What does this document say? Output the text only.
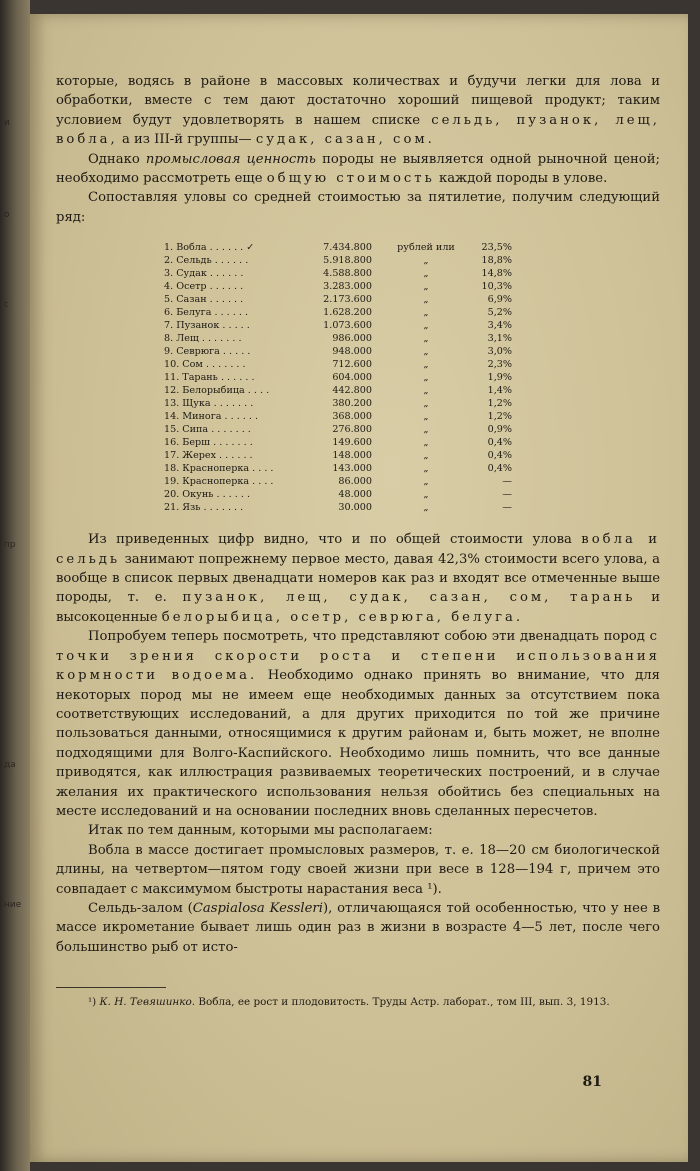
и
о
с
пр
да
ние

которые, водясь в районе в массовых количествах и будучи легки для лова и обработки, вместе с тем дают достаточно хороший пищевой продукт; таким условием будут удовлетворять в нашем списке сельдь, пузанок, лещ, вобла, а из III-й группы— судак, сазан, сом.

Однако промысловая ценность породы не выявляется одной рыночной ценой; необходимо рассмотреть еще общую стоимость каждой породы в улове.

Сопоставляя уловы со средней стоимостью за пятилетие, получим следующий ряд:

1. Вобла . . . . . . ✓	7.434.800	рублей или	23,5%
2. Сельдь . . . . . .	5.918.800	„	18,8%
3. Судак . . . . . .	4.588.800	„	14,8%
4. Осетр . . . . . .	3.283.000	„	10,3%
5. Сазан . . . . . .	2.173.600	„	6,9%
6. Белуга . . . . . .	1.628.200	„	5,2%
7. Пузанок . . . . .	1.073.600	„	3,4%
8. Лещ . . . . . . .	986.000	„	3,1%
9. Севрюга . . . . .	948.000	„	3,0%
10. Сом . . . . . . .	712.600	„	2,3%
11. Тарань . . . . . .	604.000	„	1,9%
12. Белорыбица . . . .	442.800	„	1,4%
13. Щука . . . . . . .	380.200	„	1,2%
14. Минога . . . . . .	368.000	„	1,2%
15. Сипа . . . . . . .	276.800	„	0,9%
16. Берш . . . . . . .	149.600	„	0,4%
17. Жерех . . . . . .	148.000	„	0,4%
18. Красноперка . . . .	143.000	„	0,4%
19. Красноперка . . . .	86.000	„	—
20. Окунь . . . . . .	48.000	„	—
21. Язь . . . . . . .	30.000	„	—

Из приведенных цифр видно, что и по общей стоимости улова вобла и сельдь занимают попрежнему первое место, давая 42,3% стоимости всего улова, а вообще в список первых двенадцати номеров как раз и входят все отмеченные выше породы, т. е. пузанок, лещ, судак, сазан, сом, тарань и высокоценные белорыбица, осетр, севрюга, белуга.

Попробуем теперь посмотреть, что представляют собою эти двенадцать пород с точки зрения скорости роста и степени использования кормности водоема. Необходимо однако принять во внимание, что для некоторых пород мы не имеем еще необходимых данных за отсутствием пока соответствующих исследований, а для других приходится по той же причине пользоваться данными, относящимися к другим районам и, быть может, не вполне подходящими для Волго-Каспийского. Необходимо лишь помнить, что все данные приводятся, как иллюстрация развиваемых теоретических построений, и в случае желания их практического использования нельзя обойтись без специальных на месте исследований и на основании последних вновь сделанных пересчетов.

Итак по тем данным, которыми мы располагаем:

Вобла в массе достигает промысловых размеров, т. е. 18—20 см биологической длины, на четвертом—пятом году своей жизни при весе в 128—194 г, причем это совпадает с максимумом быстроты нарастания веса ¹).

Сельдь-залом (Caspialosa Kessleri), отличающаяся той особенностью, что у нее в массе икрометание бывает лишь один раз в жизни в возрасте 4—5 лет, после чего большинство рыб от исто-

¹) К. Н. Тевяшинко. Вобла, ее рост и плодовитость. Труды Астр. лаборат., том III, вып. 3, 1913.

81
